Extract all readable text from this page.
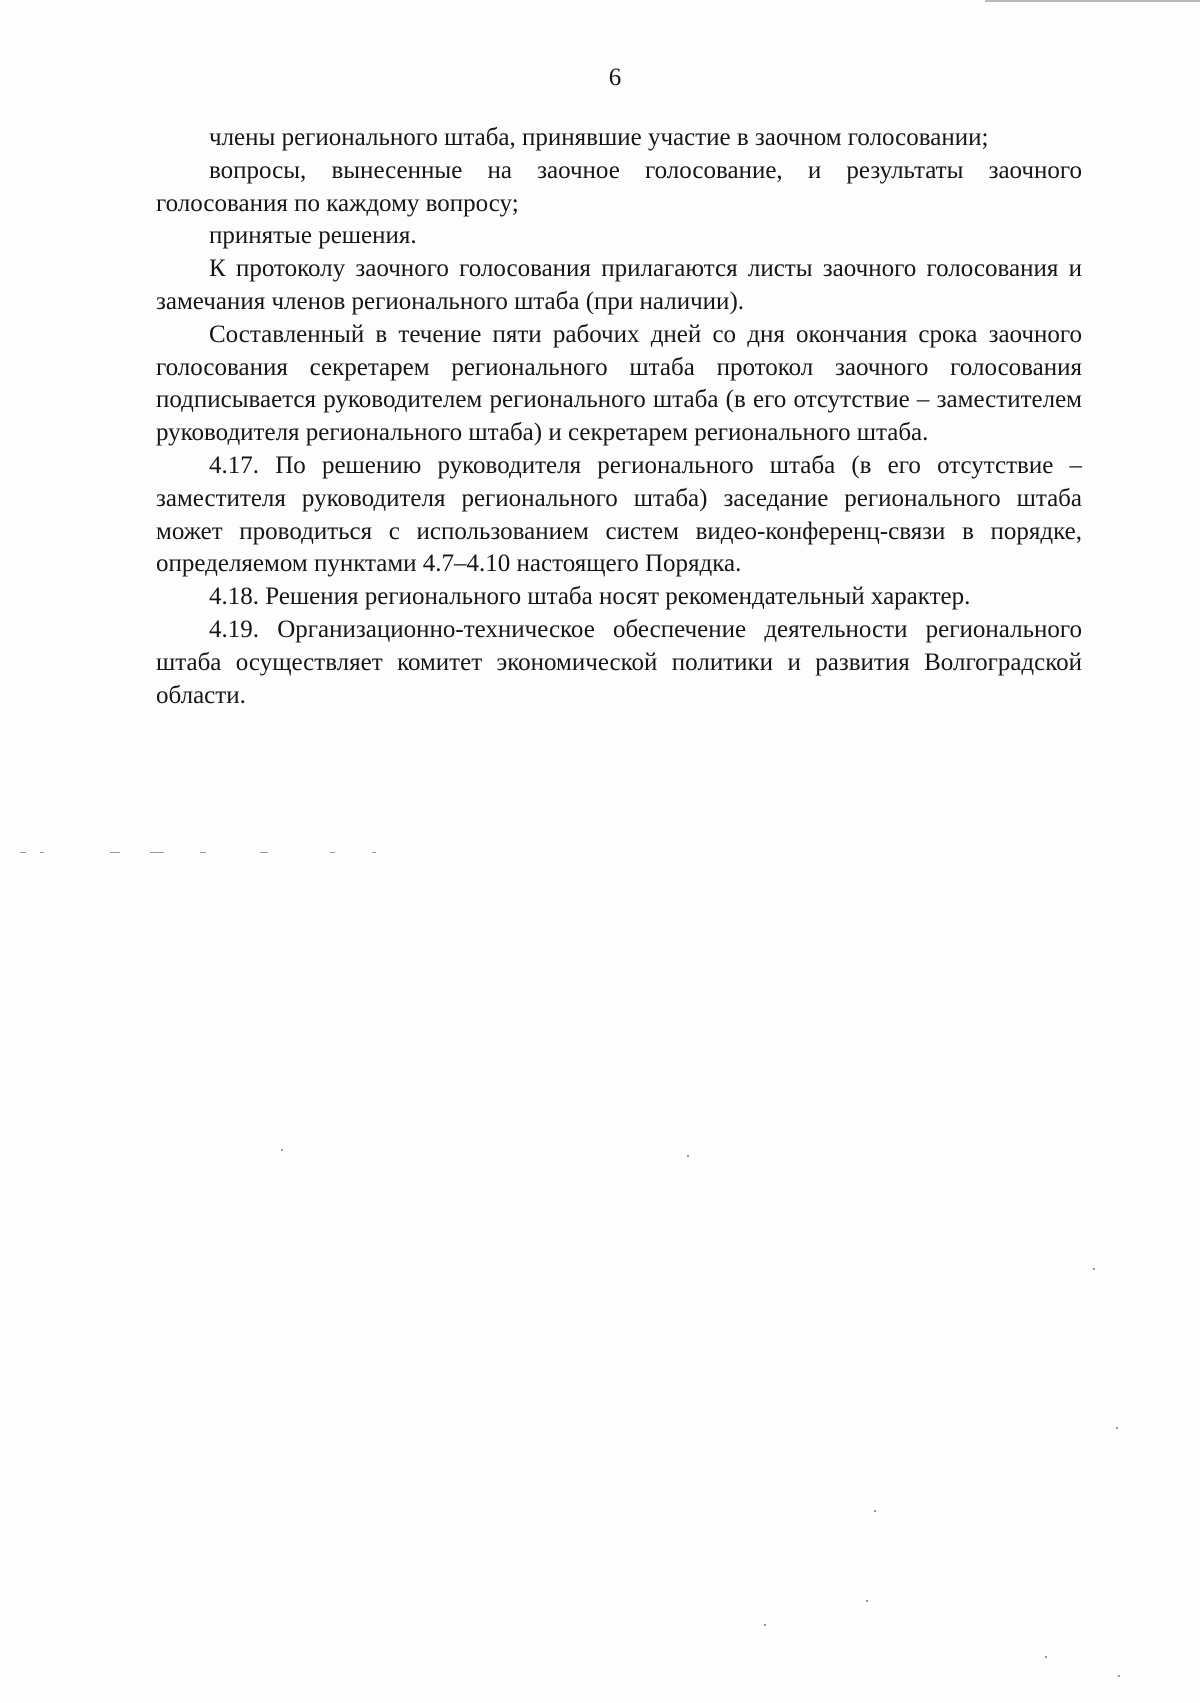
6

члены регионального штаба, принявшие участие в заочном голосовании;

вопросы, вынесенные на заочное голосование, и результаты заочного голосования по каждому вопросу;

принятые решения.

К протоколу заочного голосования прилагаются листы заочного голосования и замечания членов регионального штаба (при наличии).

Составленный в течение пяти рабочих дней со дня окончания срока заочного голосования секретарем регионального штаба протокол заочного голосования подписывается руководителем регионального штаба (в его отсутствие – заместителем руководителя регионального штаба) и секретарем регионального штаба.

4.17. По решению руководителя регионального штаба (в его отсутствие – заместителя руководителя регионального штаба) заседание регионального штаба может проводиться с использованием систем видео-конференц-связи в порядке, определяемом пунктами 4.7–4.10 настоящего Порядка.

4.18. Решения регионального штаба носят рекомендательный характер.

4.19. Организационно-техническое обеспечение деятельности регионального штаба осуществляет комитет экономической политики и развития Волгоградской области.
